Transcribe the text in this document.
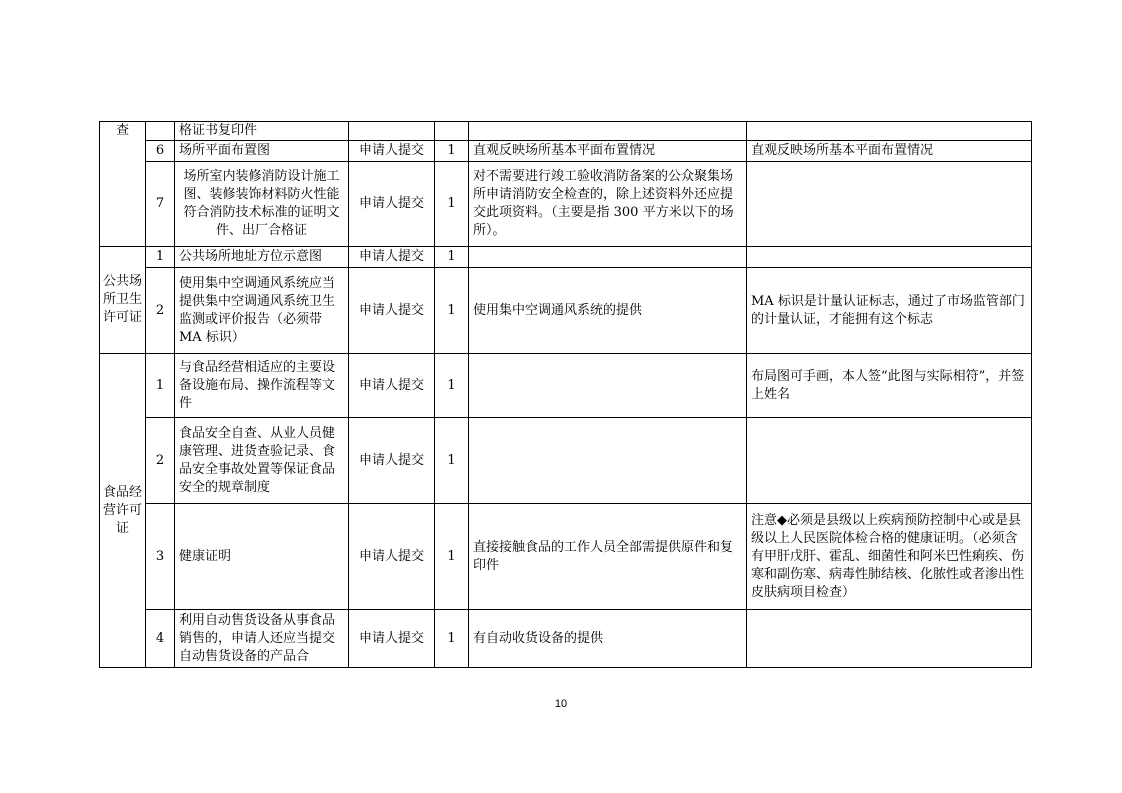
查		格证书复印件				
	6	场所平面布置图	申请人提交	1	直观反映场所基本平面布置情况	直观反映场所基本平面布置情况
	7	场所室内装修消防设计施工图、装修装饰材料防火性能符合消防技术标准的证明文件、出厂合格证	申请人提交	1	对不需要进行竣工验收消防备案的公众聚集场所申请消防安全检查的，除上述资料外还应提交此项资料。（主要是指 300 平方米以下的场所）。	
公共场所卫生许可证	1	公共场所地址方位示意图	申请人提交	1		
	2	使用集中空调通风系统应当提供集中空调通风系统卫生监测或评价报告（必须带 MA 标识）	申请人提交	1	使用集中空调通风系统的提供	MA 标识是计量认证标志，通过了市场监管部门的计量认证，才能拥有这个标志
食品经营许可证	1	与食品经营相适应的主要设备设施布局、操作流程等文件	申请人提交	1		布局图可手画，本人签“此图与实际相符”，并签上姓名
	2	食品安全自查、从业人员健康管理、进货查验记录、食品安全事故处置等保证食品安全的规章制度	申请人提交	1		
	3	健康证明	申请人提交	1	直接接触食品的工作人员全部需提供原件和复印件	注意◆必须是县级以上疾病预防控制中心或是县级以上人民医院体检合格的健康证明。（必须含有甲肝戊肝、霍乱、细菌性和阿米巴性痢疾、伤寒和副伤寒、病毒性肺结核、化脓性或者渗出性皮肤病项目检查）
	4	利用自动售货设备从事食品销售的，申请人还应当提交自动售货设备的产品合	申请人提交	1	有自动收货设备的提供	
10
